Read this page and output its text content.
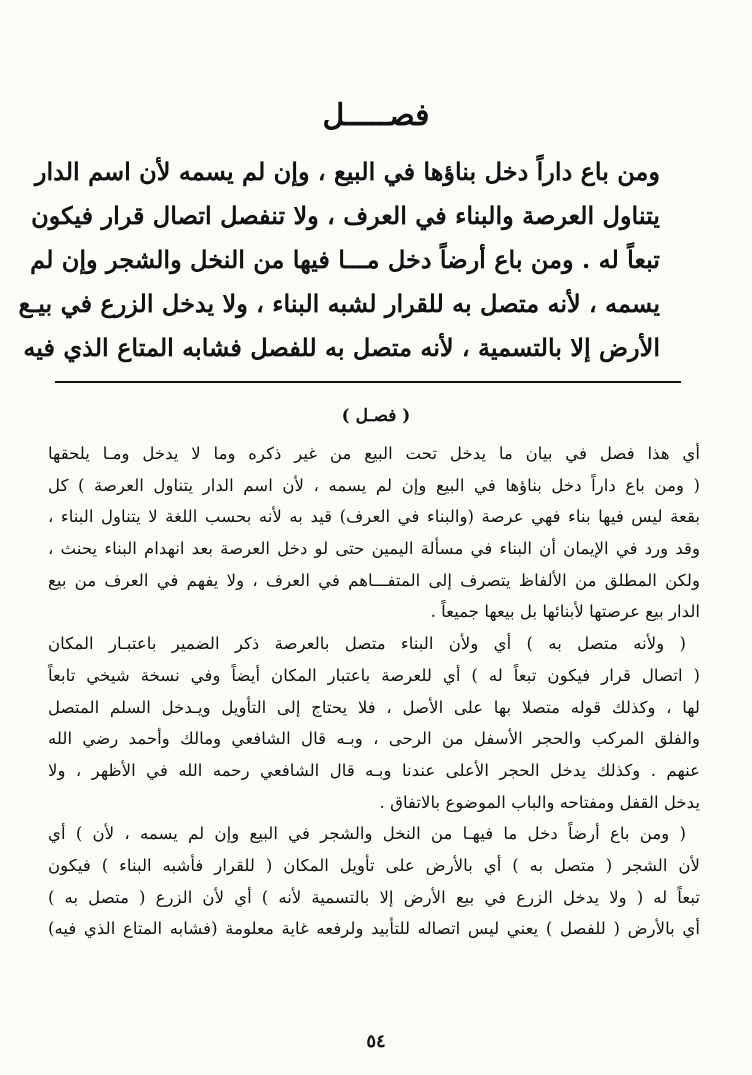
فصـــــل
ومن باع داراً دخل بناؤها في البيع ، وإن لم يسمه لأن اسم الدار
يتناول العرصة والبناء في العرف ، ولا تنفصل اتصال قرار فيكون
تبعاً له . ومن باع أرضاً دخل مـــا فيها من النخل والشجر وإن لم
يسمه ، لأنه متصل به للقرار لشبه البناء ، ولا يدخل الزرع في بيـع
الأرض إلا بالتسمية ، لأنه متصل به للفصل فشابه المتاع الذي فيه
( فصـل )
أي هذا فصل في بيان ما يدخل تحت البيع من غير ذكره وما لا يدخل ومـا يلحقها
( ومن باع داراً دخل بناؤها في البيع وإن لم يسمه ، لأن اسم الدار يتناول العرصة ) كل
بقعة ليس فيها بناء فهي عرصة (والبناء في العرف) قيد به لأنه بحسب اللغة لا يتناول البناء ،
وقد ورد في الإيمان أن البناء في مسألة اليمين حتى لو دخل العرصة بعد انهدام البناء يحنث ،
ولكن المطلق من الألفاظ يتصرف إلى المتفـــاهم في العرف ، ولا يفهم في العرف من بيع
الدار بيع عرصتها لأبنائها بل بيعها جميعاً .
( ولأنه متصل به ) أي ولأن البناء متصل بالعرصة ذكر الضمير باعتبـار المكان
( اتصال قرار فيكون تبعاً له ) أي للعرصة باعتبار المكان أيضاً وفي نسخة شيخي تابعاً
لها ، وكذلك قوله متصلا بها على الأصل ، فلا يحتاج إلى التأويل ويـدخل السلم المتصل
والفلق المركب والحجر الأسفل من الرحى ، وبـه قال الشافعي ومالك وأحمد رضي الله
عنهم . وكذلك يدخل الحجر الأعلى عندنا وبـه قال الشافعي رحمه الله في الأظهر ، ولا
يدخل القفل ومفتاحه والباب الموضوع بالاتفاق .
( ومن باع أرضاً دخل ما فيهـا من النخل والشجر في البيع وإن لم يسمه ، لأن ) أي
لأن الشجر ( متصل به ) أي بالأرض على تأويل المكان ( للقرار فأشبه البناء ) فيكون
تبعاً له ( ولا يدخل الزرع في بيع الأرض إلا بالتسمية لأنه ) أي لأن الزرع ( متصل به )
أي بالأرض ( للفصل ) يعني ليس اتصاله للتأبيد ولرفعه غاية معلومة (فشابه المتاع الذي فيه)
٥٤
